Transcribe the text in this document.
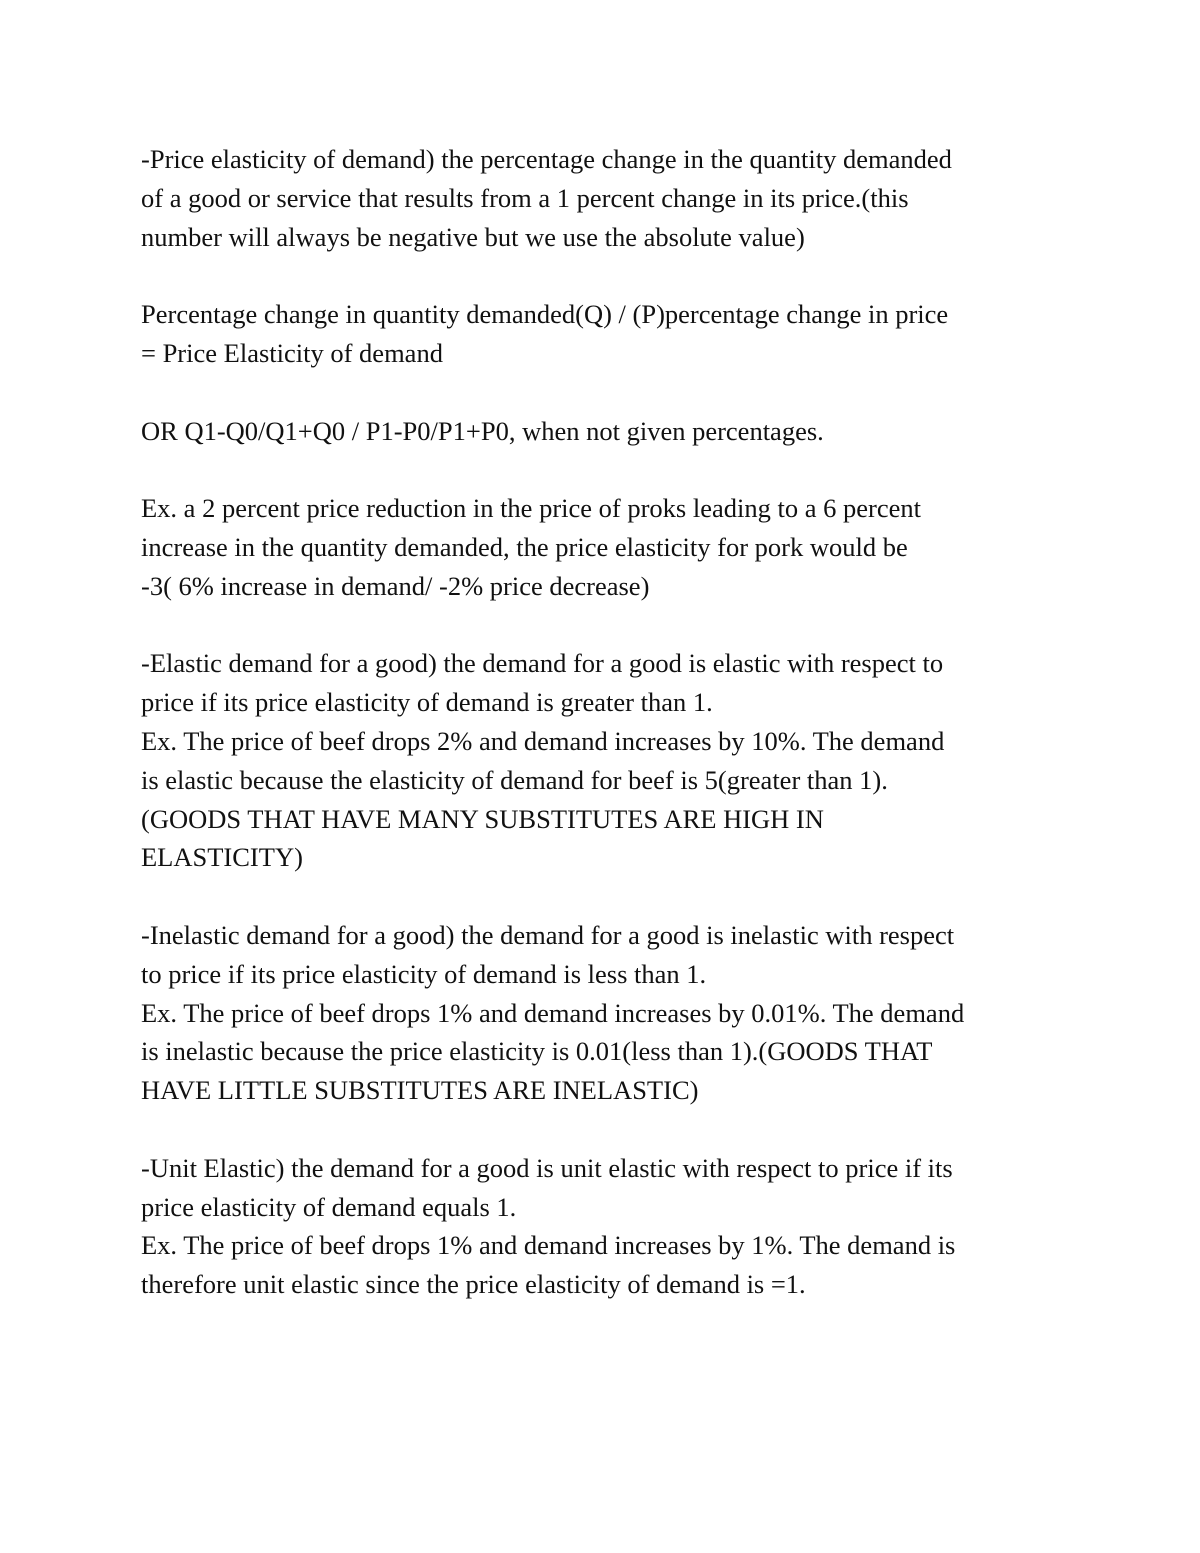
-Price elasticity of demand) the percentage change in the quantity demanded
of a good or service that results from a 1 percent change in its price.(this
number will always be negative but we use the absolute value)

Percentage change in quantity demanded(Q) / (P)percentage change in price
= Price Elasticity of demand

OR Q1-Q0/Q1+Q0 / P1-P0/P1+P0, when not given percentages.

Ex. a 2 percent price reduction in the price of proks leading to a 6 percent
increase in the quantity demanded, the price elasticity for pork would be
-3( 6% increase in demand/ -2% price decrease)

-Elastic demand for a good) the demand for a good is elastic with respect to
price if its price elasticity of demand is greater than 1.
Ex. The price of beef drops 2% and demand increases by 10%. The demand
is elastic because the elasticity of demand for beef is 5(greater than 1).
(GOODS THAT HAVE MANY SUBSTITUTES ARE HIGH IN
ELASTICITY)

-Inelastic demand for a good) the demand for a good is inelastic with respect
to price if its price elasticity of demand is less than 1.
Ex. The price of beef drops 1% and demand increases by 0.01%. The demand
is inelastic because the price elasticity is 0.01(less than 1).(GOODS THAT
HAVE LITTLE SUBSTITUTES ARE INELASTIC)

-Unit Elastic) the demand for a good is unit elastic with respect to price if its
price elasticity of demand equals 1.
Ex. The price of beef drops 1% and demand increases by 1%. The demand is
therefore unit elastic since the price elasticity of demand is =1.
